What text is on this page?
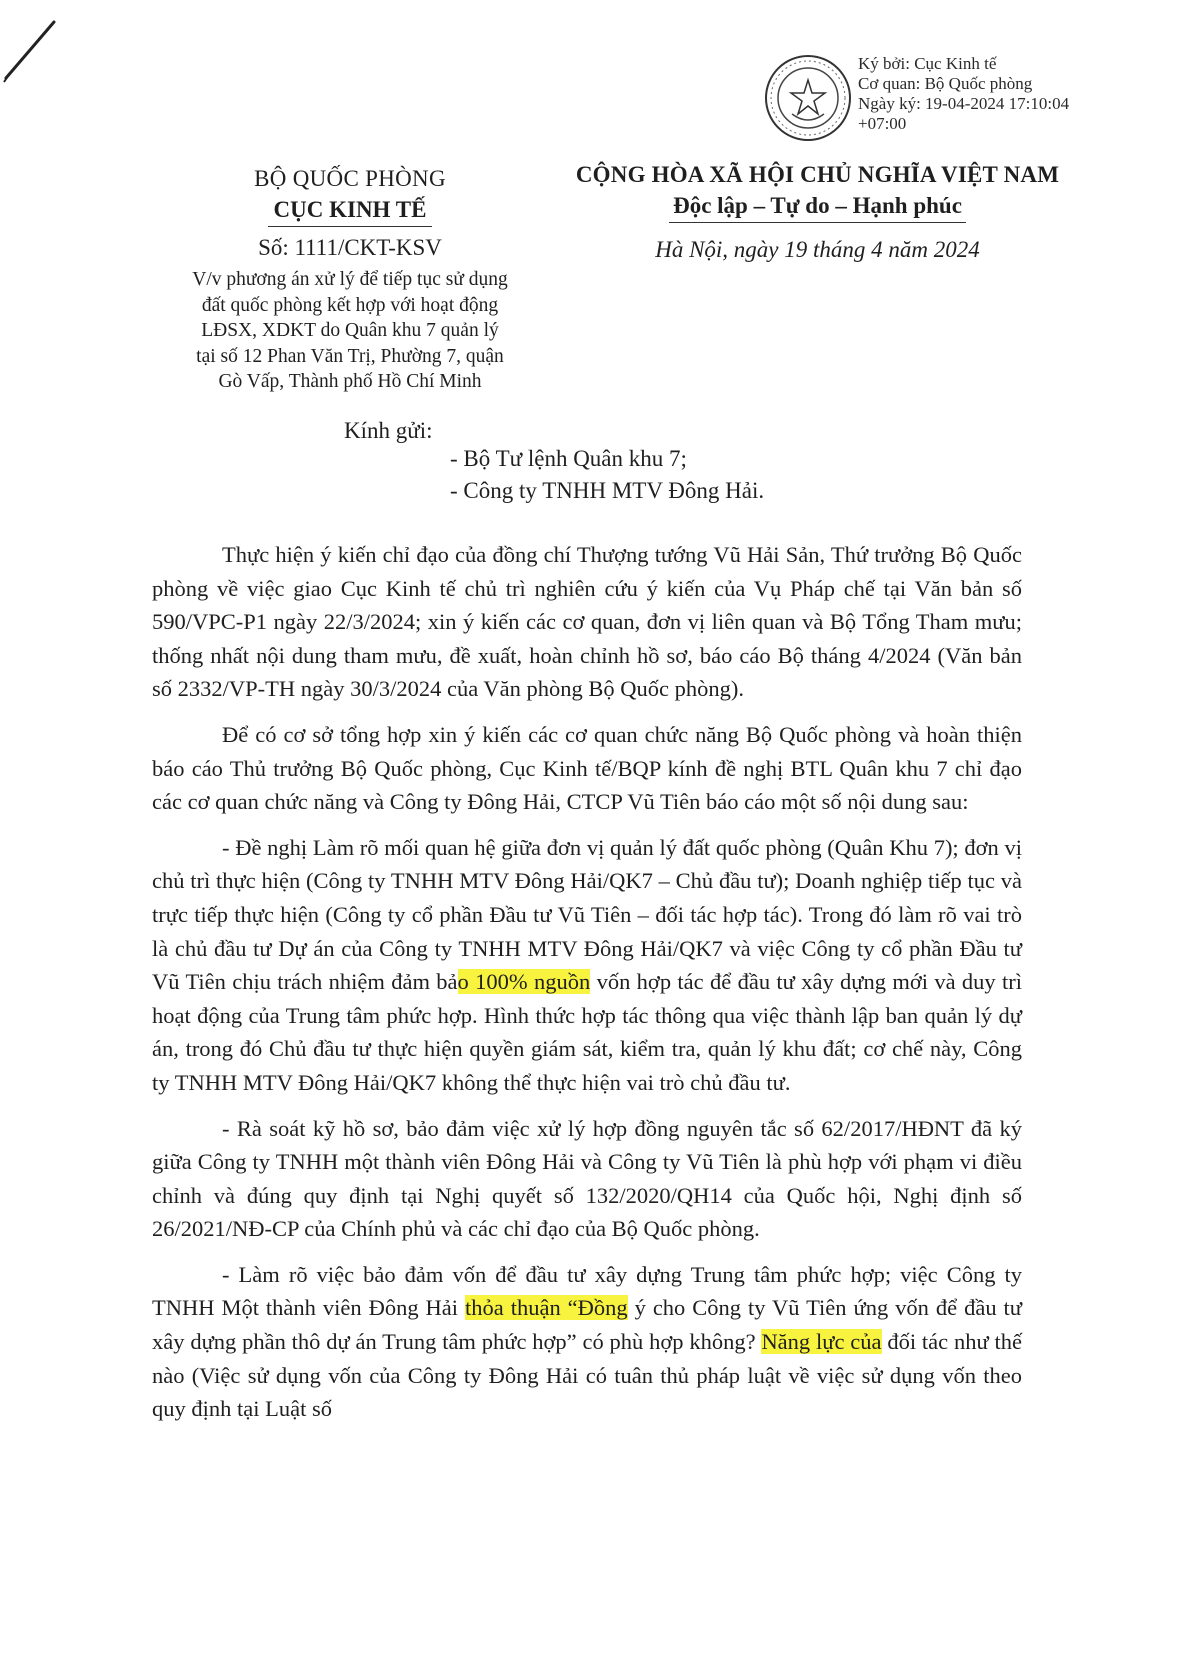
Ký bởi: Cục Kinh tế
Cơ quan: Bộ Quốc phòng
Ngày ký: 19-04-2024 17:10:04
+07:00
BỘ QUỐC PHÒNG
CỤC KINH TẾ
Số: 1111/CKT-KSV
V/v phương án xử lý để tiếp tục sử dụng
đất quốc phòng kết hợp với hoạt động
LĐSX, XDKT do Quân khu 7 quản lý
tại số 12 Phan Văn Trị, Phường 7, quận
Gò Vấp, Thành phố Hồ Chí Minh
CỘNG HÒA XÃ HỘI CHỦ NGHĨA VIỆT NAM
Độc lập – Tự do – Hạnh phúc
Hà Nội, ngày 19 tháng 4 năm 2024
Kính gửi:
- Bộ Tư lệnh Quân khu 7;
- Công ty TNHH MTV Đông Hải.

Thực hiện ý kiến chỉ đạo của đồng chí Thượng tướng Vũ Hải Sản, Thứ trưởng Bộ Quốc phòng về việc giao Cục Kinh tế chủ trì nghiên cứu ý kiến của Vụ Pháp chế tại Văn bản số 590/VPC-P1 ngày 22/3/2024; xin ý kiến các cơ quan, đơn vị liên quan và Bộ Tổng Tham mưu; thống nhất nội dung tham mưu, đề xuất, hoàn chỉnh hồ sơ, báo cáo Bộ tháng 4/2024 (Văn bản số 2332/VP-TH ngày 30/3/2024 của Văn phòng Bộ Quốc phòng).

Để có cơ sở tổng hợp xin ý kiến các cơ quan chức năng Bộ Quốc phòng và hoàn thiện báo cáo Thủ trưởng Bộ Quốc phòng, Cục Kinh tế/BQP kính đề nghị BTL Quân khu 7 chỉ đạo các cơ quan chức năng và Công ty Đông Hải, CTCP Vũ Tiên báo cáo một số nội dung sau:

- Đề nghị Làm rõ mối quan hệ giữa đơn vị quản lý đất quốc phòng (Quân Khu 7); đơn vị chủ trì thực hiện (Công ty TNHH MTV Đông Hải/QK7 – Chủ đầu tư); Doanh nghiệp tiếp tục và trực tiếp thực hiện (Công ty cổ phần Đầu tư Vũ Tiên – đối tác hợp tác). Trong đó làm rõ vai trò là chủ đầu tư Dự án của Công ty TNHH MTV Đông Hải/QK7 và việc Công ty cổ phần Đầu tư Vũ Tiên chịu trách nhiệm đảm bảo 100% nguồn vốn hợp tác để đầu tư xây dựng mới và duy trì hoạt động của Trung tâm phức hợp. Hình thức hợp tác thông qua việc thành lập ban quản lý dự án, trong đó Chủ đầu tư thực hiện quyền giám sát, kiểm tra, quản lý khu đất; cơ chế này, Công ty TNHH MTV Đông Hải/QK7 không thể thực hiện vai trò chủ đầu tư.

- Rà soát kỹ hồ sơ, bảo đảm việc xử lý hợp đồng nguyên tắc số 62/2017/HĐNT đã ký giữa Công ty TNHH một thành viên Đông Hải và Công ty Vũ Tiên là phù hợp với phạm vi điều chỉnh và đúng quy định tại Nghị quyết số 132/2020/QH14 của Quốc hội, Nghị định số 26/2021/NĐ-CP của Chính phủ và các chỉ đạo của Bộ Quốc phòng.

- Làm rõ việc bảo đảm vốn để đầu tư xây dựng Trung tâm phức hợp; việc Công ty TNHH Một thành viên Đông Hải thỏa thuận “Đồng ý cho Công ty Vũ Tiên ứng vốn để đầu tư xây dựng phần thô dự án Trung tâm phức hợp” có phù hợp không? Năng lực của đối tác như thế nào (Việc sử dụng vốn của Công ty Đông Hải có tuân thủ pháp luật về việc sử dụng vốn theo quy định tại Luật số
